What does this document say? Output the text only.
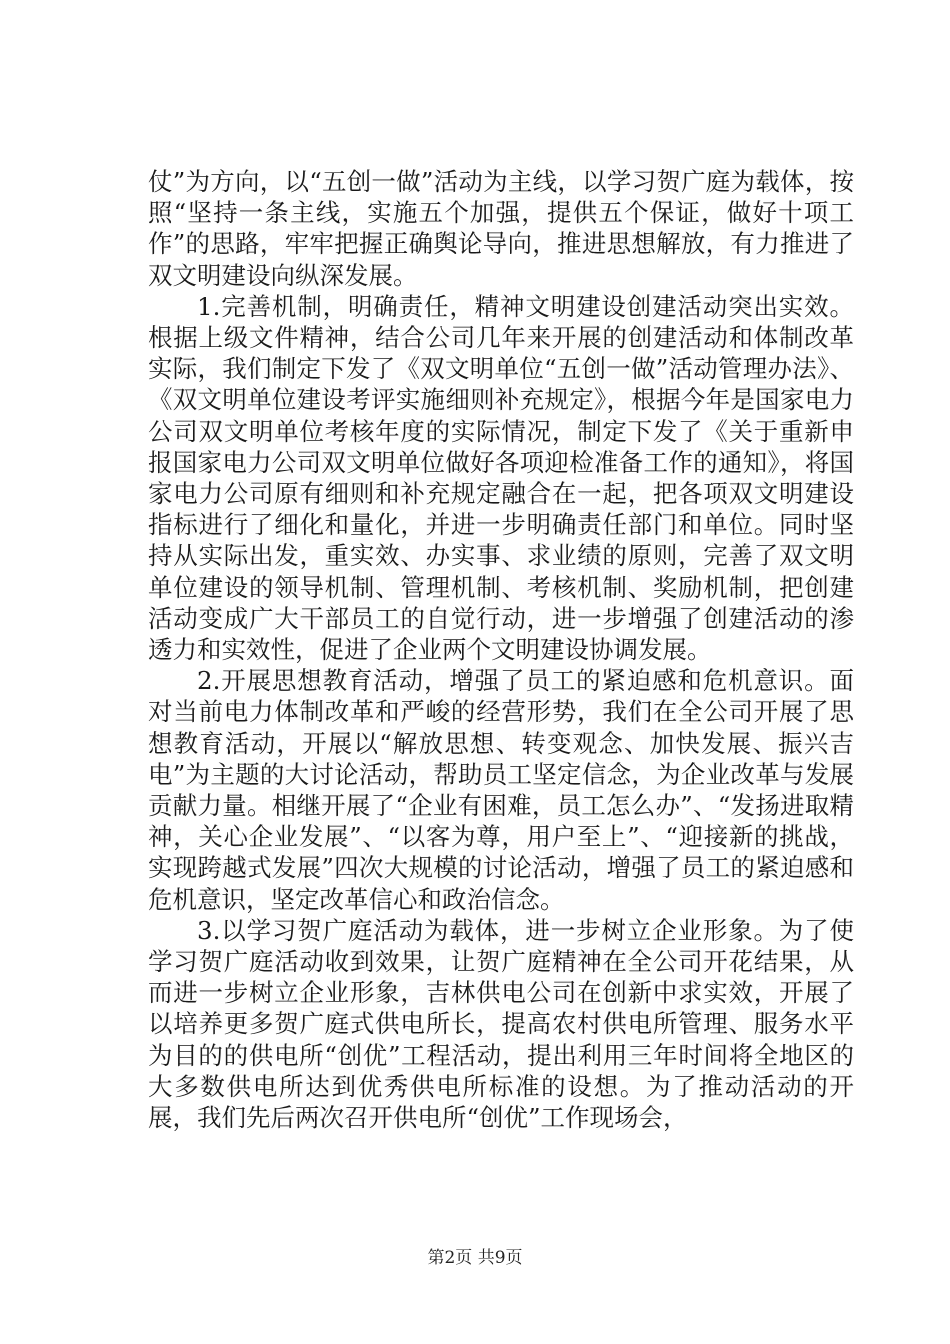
仗”为方向，以“五创一做”活动为主线，以学习贺广庭为载体，按照“坚持一条主线，实施五个加强，提供五个保证，做好十项工作”的思路，牢牢把握正确舆论导向，推进思想解放，有力推进了双文明建设向纵深发展。

1.完善机制，明确责任，精神文明建设创建活动突出实效。根据上级文件精神，结合公司几年来开展的创建活动和体制改革实际，我们制定下发了《双文明单位“五创一做”活动管理办法》、《双文明单位建设考评实施细则补充规定》，根据今年是国家电力公司双文明单位考核年度的实际情况，制定下发了《关于重新申报国家电力公司双文明单位做好各项迎检准备工作的通知》，将国家电力公司原有细则和补充规定融合在一起，把各项双文明建设指标进行了细化和量化，并进一步明确责任部门和单位。同时坚持从实际出发，重实效、办实事、求业绩的原则，完善了双文明单位建设的领导机制、管理机制、考核机制、奖励机制，把创建活动变成广大干部员工的自觉行动，进一步增强了创建活动的渗透力和实效性，促进了企业两个文明建设协调发展。

2.开展思想教育活动，增强了员工的紧迫感和危机意识。面对当前电力体制改革和严峻的经营形势，我们在全公司开展了思想教育活动，开展以“解放思想、转变观念、加快发展、振兴吉电”为主题的大讨论活动，帮助员工坚定信念，为企业改革与发展贡献力量。相继开展了“企业有困难，员工怎么办”、“发扬进取精神，关心企业发展”、“以客为尊，用户至上”、“迎接新的挑战，实现跨越式发展”四次大规模的讨论活动，增强了员工的紧迫感和危机意识，坚定改革信心和政治信念。

3.以学习贺广庭活动为载体，进一步树立企业形象。为了使学习贺广庭活动收到效果，让贺广庭精神在全公司开花结果，从而进一步树立企业形象，吉林供电公司在创新中求实效，开展了以培养更多贺广庭式供电所长，提高农村供电所管理、服务水平为目的的供电所“创优”工程活动，提出利用三年时间将全地区的大多数供电所达到优秀供电所标准的设想。为了推动活动的开展，我们先后两次召开供电所“创优”工作现场会，

第2页 共9页
